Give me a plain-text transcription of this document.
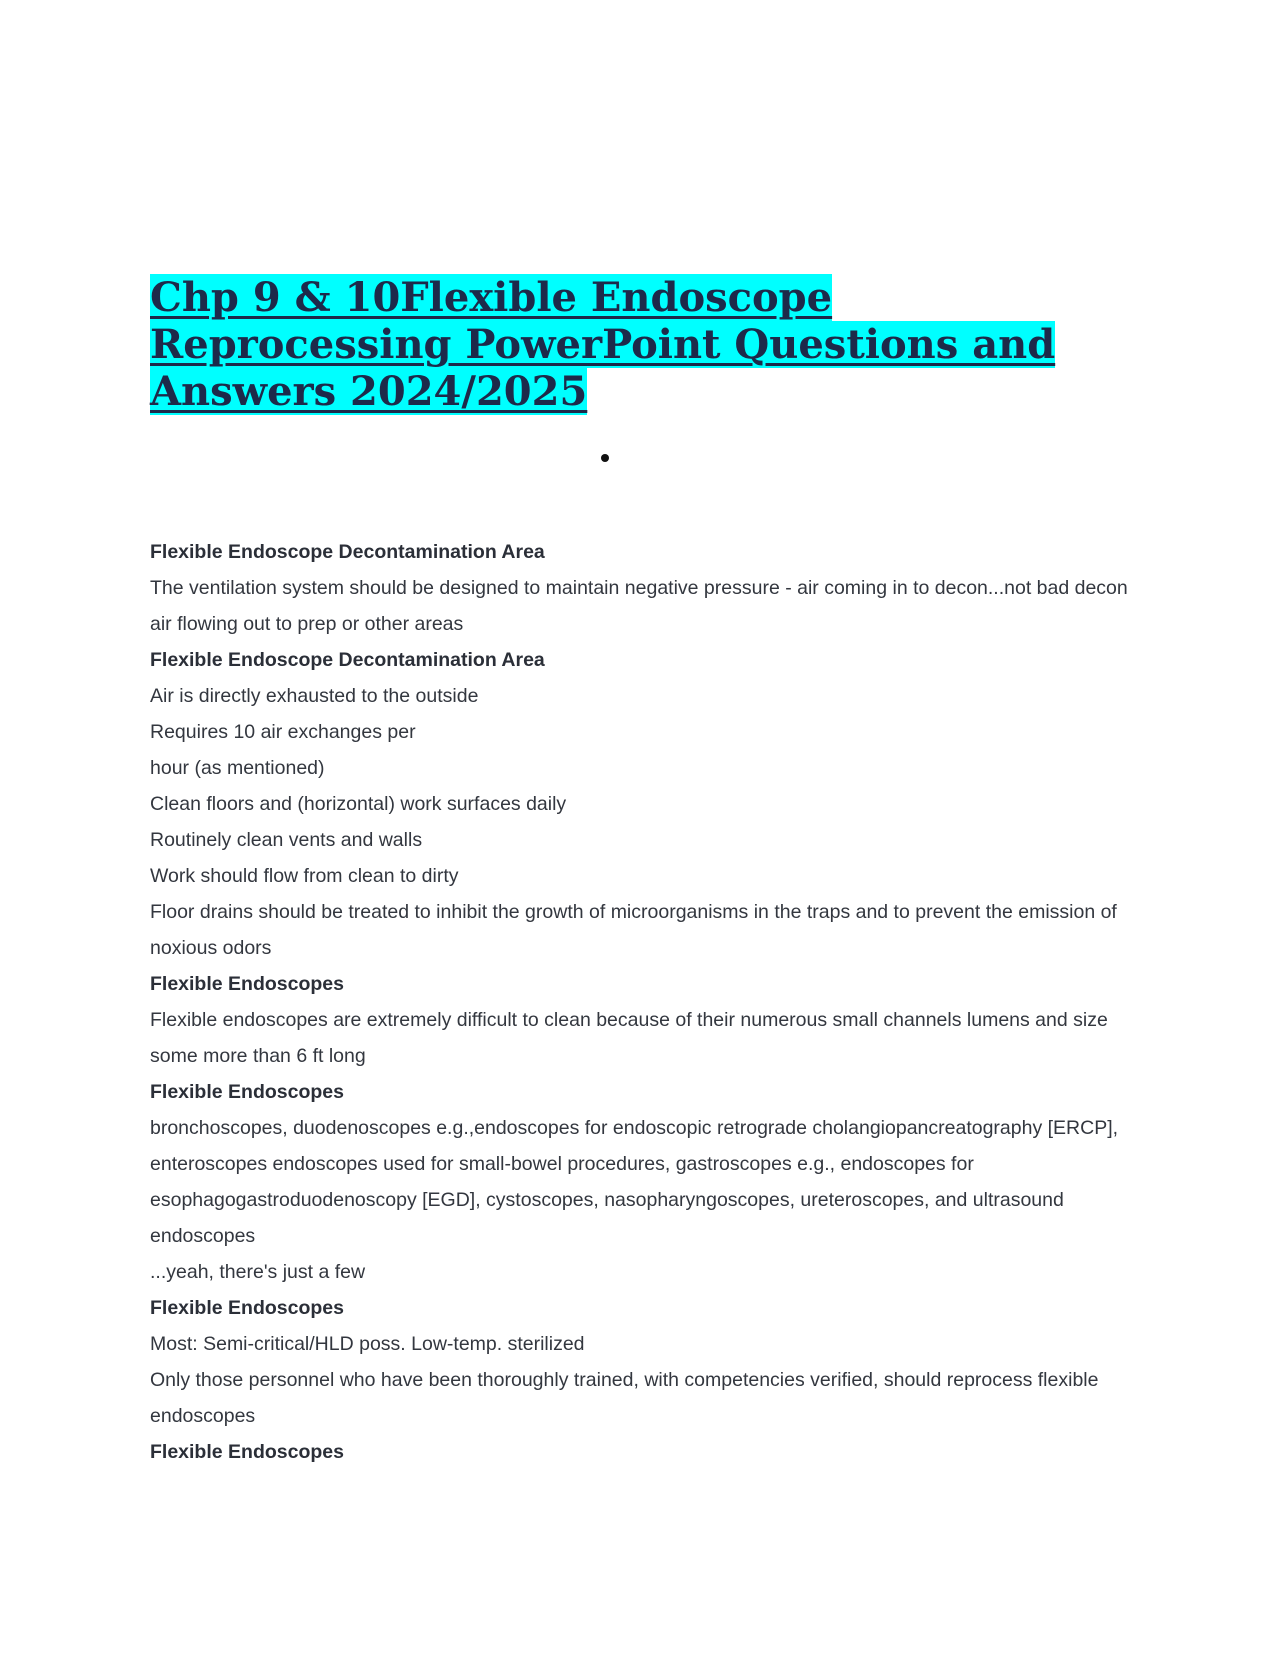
Chp 9 & 10Flexible Endoscope Reprocessing PowerPoint Questions and Answers 2024/2025

Flexible Endoscope Decontamination Area

The ventilation system should be designed to maintain negative pressure - air coming in to decon...not bad decon air flowing out to prep or other areas

Flexible Endoscope Decontamination Area

Air is directly exhausted to the outside

Requires 10 air exchanges per

hour (as mentioned)

Clean floors and (horizontal) work surfaces daily

Routinely clean vents and walls

Work should flow from clean to dirty

Floor drains should be treated to inhibit the growth of microorganisms in the traps and to prevent the emission of noxious odors

Flexible Endoscopes

Flexible endoscopes are extremely difficult to clean because of their numerous small channels lumens and size some more than 6 ft long

Flexible Endoscopes

bronchoscopes, duodenoscopes e.g.,endoscopes for endoscopic retrograde cholangiopancreatography [ERCP], enteroscopes endoscopes used for small-bowel procedures, gastroscopes e.g., endoscopes for esophagogastroduodenoscopy [EGD], cystoscopes, nasopharyngoscopes, ureteroscopes, and ultrasound endoscopes

...yeah, there's just a few

Flexible Endoscopes

Most: Semi-critical/HLD poss. Low-temp. sterilized

Only those personnel who have been thoroughly trained, with competencies verified, should reprocess flexible endoscopes

Flexible Endoscopes
